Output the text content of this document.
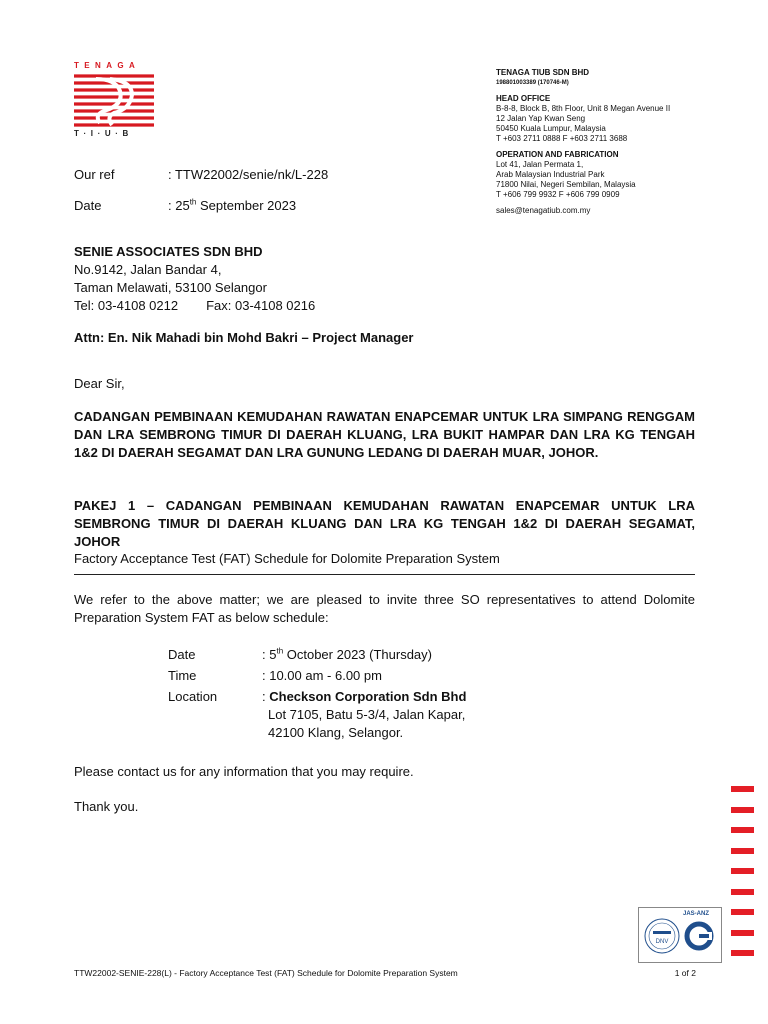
TENAGA
T·I·U·B
TENAGA TIUB SDN BHD
198801003389 (170746-M)
HEAD OFFICE
B-8-8, Block B, 8th Floor, Unit 8 Megan Avenue II
12 Jalan Yap Kwan Seng
50450 Kuala Lumpur, Malaysia
T +603 2711 0888 F +603 2711 3688
OPERATION AND FABRICATION
Lot 41, Jalan Permata 1,
Arab Malaysian Industrial Park
71800 Nilai, Negeri Sembilan, Malaysia
T +606 799 9932 F +606 799 0909
sales@tenagatiub.com.my
Our ref	: TTW22002/senie/nk/L-228
Date	: 25th September 2023
SENIE ASSOCIATES SDN BHD
No.9142, Jalan Bandar 4,
Taman Melawati, 53100 Selangor
Tel: 03-4108 0212 Fax: 03-4108 0216
Attn: En. Nik Mahadi bin Mohd Bakri – Project Manager
Dear Sir,
CADANGAN PEMBINAAN KEMUDAHAN RAWATAN ENAPCEMAR UNTUK LRA SIMPANG RENGGAM DAN LRA SEMBRONG TIMUR DI DAERAH KLUANG, LRA BUKIT HAMPAR DAN LRA KG TENGAH 1&2 DI DAERAH SEGAMAT DAN LRA GUNUNG LEDANG DI DAERAH MUAR, JOHOR.
PAKEJ 1 – CADANGAN PEMBINAAN KEMUDAHAN RAWATAN ENAPCEMAR UNTUK LRA SEMBRONG TIMUR DI DAERAH KLUANG DAN LRA KG TENGAH 1&2 DI DAERAH SEGAMAT, JOHOR
Factory Acceptance Test (FAT) Schedule for Dolomite Preparation System
We refer to the above matter; we are pleased to invite three SO representatives to attend Dolomite Preparation System FAT as below schedule:
Date	: 5th October 2023 (Thursday)
Time	: 10.00 am - 6.00 pm
Location	: Checkson Corporation Sdn Bhd
Lot 7105, Batu 5-3/4, Jalan Kapar,
42100 Klang, Selangor.
Please contact us for any information that you may require.
Thank you.
DNV
JAS-ANZ
TTW22002-SENIE-228(L) - Factory Acceptance Test (FAT) Schedule for Dolomite Preparation System	1 of 2
